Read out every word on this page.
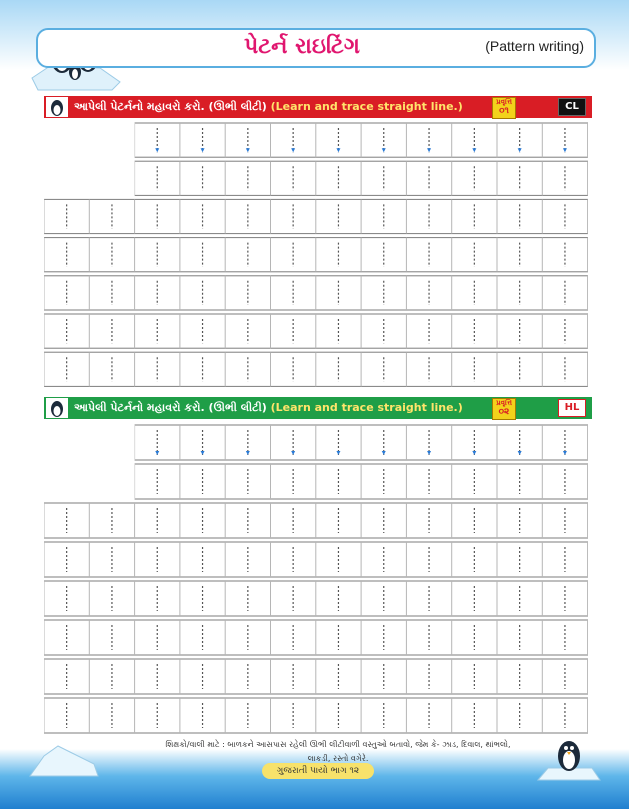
પેટર્ન રાઇટિંગ	(Pattern writing)
આપેલી પેટર્નનો મહાવરો કરો. (ઊભી લીટી) (Learn and trace straight line.)	પ્રવૃત્તિ
૦૧	CL
આપેલી પેટર્નનો મહાવરો કરો. (ઊભી લીટી) (Learn and trace straight line.)	પ્રવૃત્તિ
૦૨	HL
શિક્ષકો/વાલી માટે : બાળકને આસપાસ રહેલી ઊભી લીટીવાળી વસ્તુઓ બતાવો, જેમ કે- ઝાડ, દિવાલ, થાંભલો,
લાકડી, રસ્તો વગેરે.
ગુજરાતી પાયો ભાગ ૧૨
